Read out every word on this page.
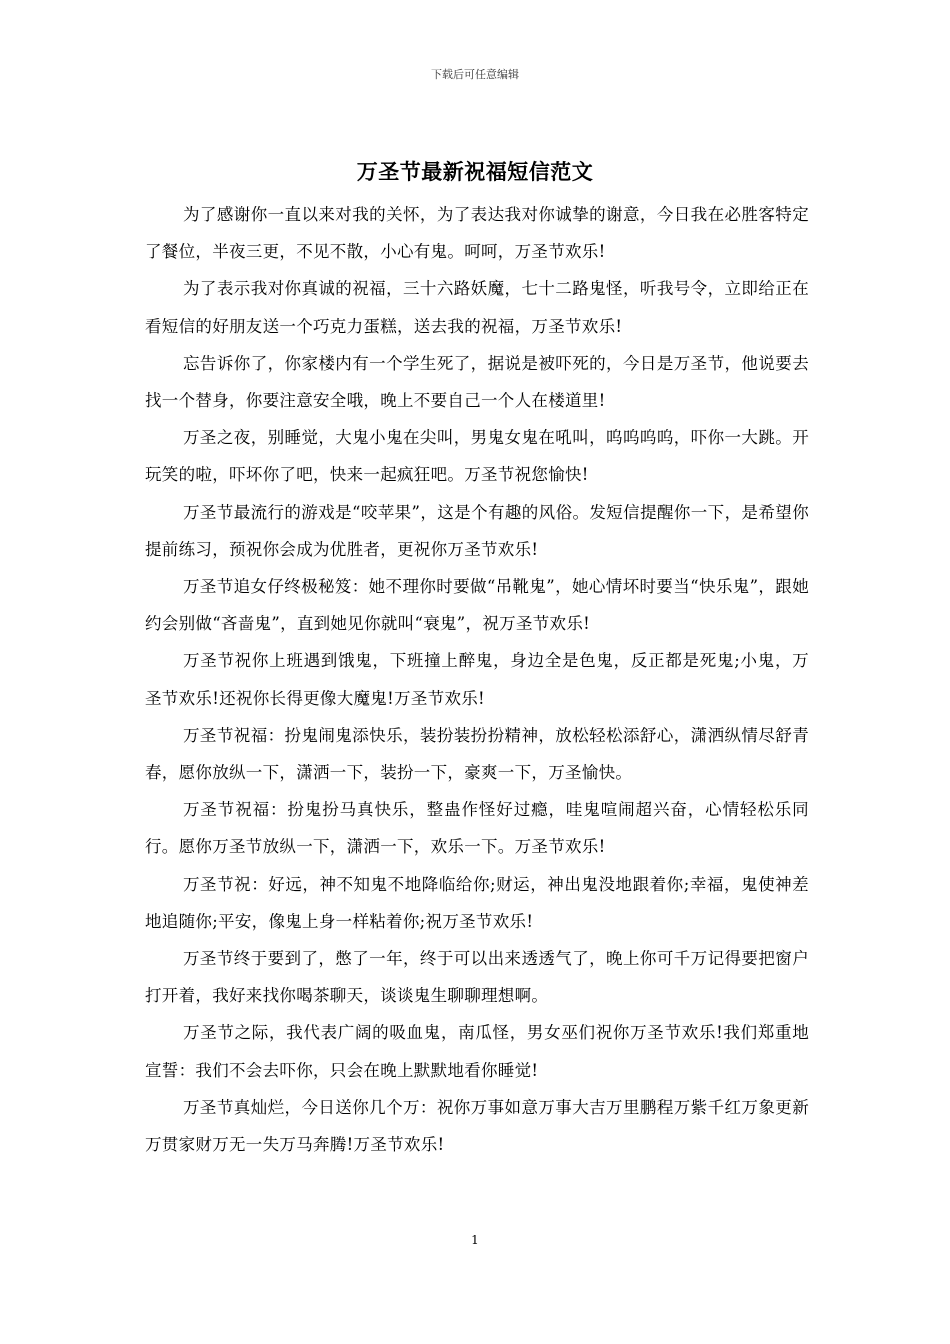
下载后可任意编辑
万圣节最新祝福短信范文

为了感谢你一直以来对我的关怀，为了表达我对你诚挚的谢意，今日我在必胜客特定了餐位，半夜三更，不见不散，小心有鬼。呵呵，万圣节欢乐!

为了表示我对你真诚的祝福，三十六路妖魔，七十二路鬼怪，听我号令，立即给正在看短信的好朋友送一个巧克力蛋糕，送去我的祝福，万圣节欢乐!

忘告诉你了，你家楼内有一个学生死了，据说是被吓死的，今日是万圣节，他说要去找一个替身，你要注意安全哦，晚上不要自己一个人在楼道里!

万圣之夜，别睡觉，大鬼小鬼在尖叫，男鬼女鬼在吼叫，呜呜呜呜，吓你一大跳。开玩笑的啦，吓坏你了吧，快来一起疯狂吧。万圣节祝您愉快!

万圣节最流行的游戏是“咬苹果”，这是个有趣的风俗。发短信提醒你一下，是希望你提前练习，预祝你会成为优胜者，更祝你万圣节欢乐!

万圣节追女仔终极秘笈：她不理你时要做“吊靴鬼”，她心情坏时要当“快乐鬼”，跟她约会别做“吝啬鬼”，直到她见你就叫“衰鬼”，祝万圣节欢乐!

万圣节祝你上班遇到饿鬼，下班撞上醉鬼，身边全是色鬼，反正都是死鬼;小鬼，万圣节欢乐!还祝你长得更像大魔鬼!万圣节欢乐!

万圣节祝福：扮鬼闹鬼添快乐，装扮装扮扮精神，放松轻松添舒心，潇洒纵情尽舒青春，愿你放纵一下，潇洒一下，装扮一下，豪爽一下，万圣愉快。

万圣节祝福：扮鬼扮马真快乐，整蛊作怪好过瘾，哇鬼喧闹超兴奋，心情轻松乐同行。愿你万圣节放纵一下，潇洒一下，欢乐一下。万圣节欢乐!

万圣节祝：好远，神不知鬼不地降临给你;财运，神出鬼没地跟着你;幸福，鬼使神差地追随你;平安，像鬼上身一样粘着你;祝万圣节欢乐!

万圣节终于要到了，憋了一年，终于可以出来透透气了，晚上你可千万记得要把窗户打开着，我好来找你喝茶聊天，谈谈鬼生聊聊理想啊。

万圣节之际，我代表广阔的吸血鬼，南瓜怪，男女巫们祝你万圣节欢乐!我们郑重地宣誓：我们不会去吓你，只会在晚上默默地看你睡觉!

万圣节真灿烂，今日送你几个万：祝你万事如意万事大吉万里鹏程万紫千红万象更新万贯家财万无一失万马奔腾!万圣节欢乐!

1
